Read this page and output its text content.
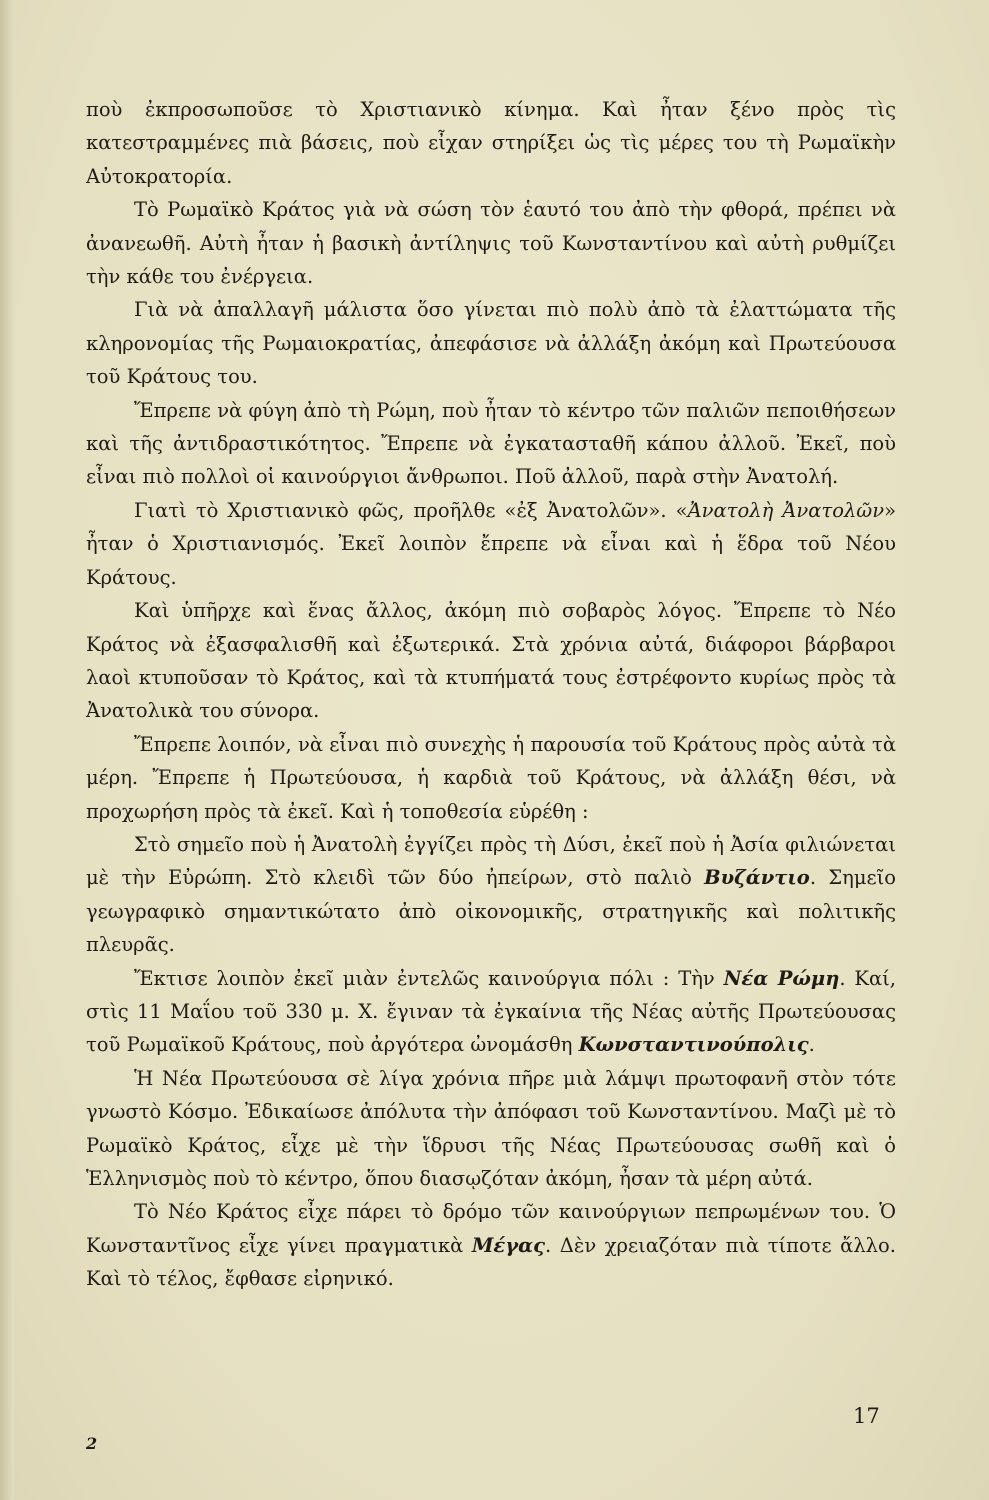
ποὺ ἐκπροσωποῦσε τὸ Χριστιανικὸ κίνημα. Καὶ ἦταν ξένο πρὸς τὶς κατεστραμμένες πιὰ βάσεις, ποὺ εἶχαν στηρίξει ὡς τὶς μέρες του τὴ Ρωμαϊκὴν Αὐτοκρατορία.

Τὸ Ρωμαϊκὸ Κράτος γιὰ νὰ σώση τὸν ἑαυτό του ἀπὸ τὴν φθορά, πρέπει νὰ ἀνανεωθῆ. Αὐτὴ ἦταν ἡ βασικὴ ἀντίληψις τοῦ Κωνσταντίνου καὶ αὐτὴ ρυθμίζει τὴν κάθε του ἐνέργεια.

Γιὰ νὰ ἀπαλλαγῆ μάλιστα ὅσο γίνεται πιὸ πολὺ ἀπὸ τὰ ἐλαττώματα τῆς κληρονομίας τῆς Ρωμαιοκρατίας, ἀπεφάσισε νὰ ἀλλάξη ἀκόμη καὶ Πρωτεύουσα τοῦ Κράτους του.

Ἔπρεπε νὰ φύγη ἀπὸ τὴ Ρώμη, ποὺ ἦταν τὸ κέντρο τῶν παλιῶν πεποιθήσεων καὶ τῆς ἀντιδραστικότητος. Ἔπρεπε νὰ ἐγκατασταθῆ κάπου ἀλλοῦ. Ἐκεῖ, ποὺ εἶναι πιὸ πολλοὶ οἱ καινούργιοι ἄνθρωποι. Ποῦ ἀλλοῦ, παρὰ στὴν Ἀνατολή.

Γιατὶ τὸ Χριστιανικὸ φῶς, προῆλθε «ἐξ Ἀνατολῶν». «Ἀνατολὴ Ἀνατολῶν» ἦταν ὁ Χριστιανισμός. Ἐκεῖ λοιπὸν ἔπρεπε νὰ εἶναι καὶ ἡ ἕδρα τοῦ Νέου Κράτους.

Καὶ ὑπῆρχε καὶ ἕνας ἄλλος, ἀκόμη πιὸ σοβαρὸς λόγος. Ἔπρεπε τὸ Νέο Κράτος νὰ ἐξασφαλισθῆ καὶ ἐξωτερικά. Στὰ χρόνια αὐτά, διάφοροι βάρβαροι λαοὶ κτυποῦσαν τὸ Κράτος, καὶ τὰ κτυπήματά τους ἐστρέφοντο κυρίως πρὸς τὰ Ἀνατολικὰ του σύνορα.

Ἔπρεπε λοιπόν, νὰ εἶναι πιὸ συνεχὴς ἡ παρουσία τοῦ Κράτους πρὸς αὐτὰ τὰ μέρη. Ἔπρεπε ἡ Πρωτεύουσα, ἡ καρδιὰ τοῦ Κράτους, νὰ ἀλλάξη θέσι, νὰ προχωρήση πρὸς τὰ ἐκεῖ. Καὶ ἡ τοποθεσία εὑρέθη :

Στὸ σημεῖο ποὺ ἡ Ἀνατολὴ ἐγγίζει πρὸς τὴ Δύσι, ἐκεῖ ποὺ ἡ Ἀσία φιλιώνεται μὲ τὴν Εὐρώπη. Στὸ κλειδὶ τῶν δύο ἠπείρων, στὸ παλιὸ Βυζάντιο. Σημεῖο γεωγραφικὸ σημαντικώτατο ἀπὸ οἰκονομικῆς, στρατηγικῆς καὶ πολιτικῆς πλευρᾶς.

Ἔκτισε λοιπὸν ἐκεῖ μιὰν ἐντελῶς καινούργια πόλι : Τὴν Νέα Ρώμη. Καί, στὶς 11 Μαΐου τοῦ 330 μ. Χ. ἔγιναν τὰ ἐγκαίνια τῆς Νέας αὐτῆς Πρωτεύουσας τοῦ Ρωμαϊκοῦ Κράτους, ποὺ ἀργότερα ὠνομάσθη Κωνσταντινούπολις.

Ἡ Νέα Πρωτεύουσα σὲ λίγα χρόνια πῆρε μιὰ λάμψι πρωτοφανῆ στὸν τότε γνωστὸ Κόσμο. Ἐδικαίωσε ἀπόλυτα τὴν ἀπόφασι τοῦ Κωνσταντίνου. Μαζὶ μὲ τὸ Ρωμαϊκὸ Κράτος, εἶχε μὲ τὴν ἵδρυσι τῆς Νέας Πρωτεύουσας σωθῆ καὶ ὁ Ἑλληνισμὸς ποὺ τὸ κέντρο, ὅπου διασῳζόταν ἀκόμη, ἦσαν τὰ μέρη αὐτά.

Τὸ Νέο Κράτος εἶχε πάρει τὸ δρόμο τῶν καινούργιων πεπρωμένων του. Ὁ Κωνσταντῖνος εἶχε γίνει πραγματικὰ Μέγας. Δὲν χρειαζόταν πιὰ τίποτε ἄλλο. Καὶ τὸ τέλος, ἔφθασε εἰρηνικό.

17
2
